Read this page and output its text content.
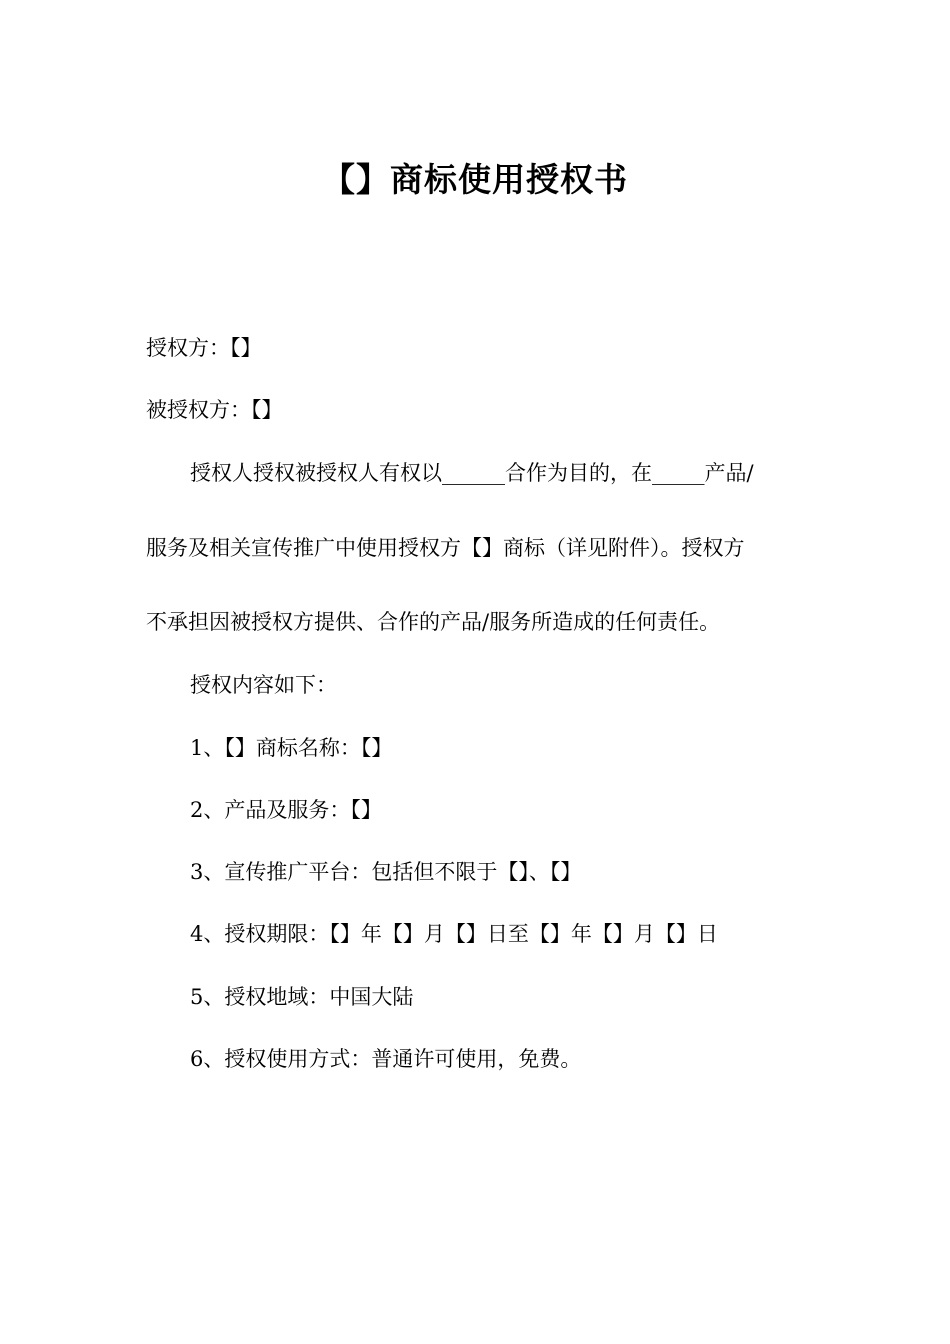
【】商标使用授权书
授权方：【】
被授权方：【】
授权人授权被授权人有权以______合作为目的，在_____产品/
服务及相关宣传推广中使用授权方【】商标（详见附件）。授权方
不承担因被授权方提供、合作的产品/服务所造成的任何责任。
授权内容如下：
1、【】商标名称：【】
2、产品及服务：【】
3、宣传推广平台：包括但不限于【】、【】
4、授权期限：【】年【】月【】日至【】年【】月【】日
5、授权地域：中国大陆
6、授权使用方式：普通许可使用，免费。
